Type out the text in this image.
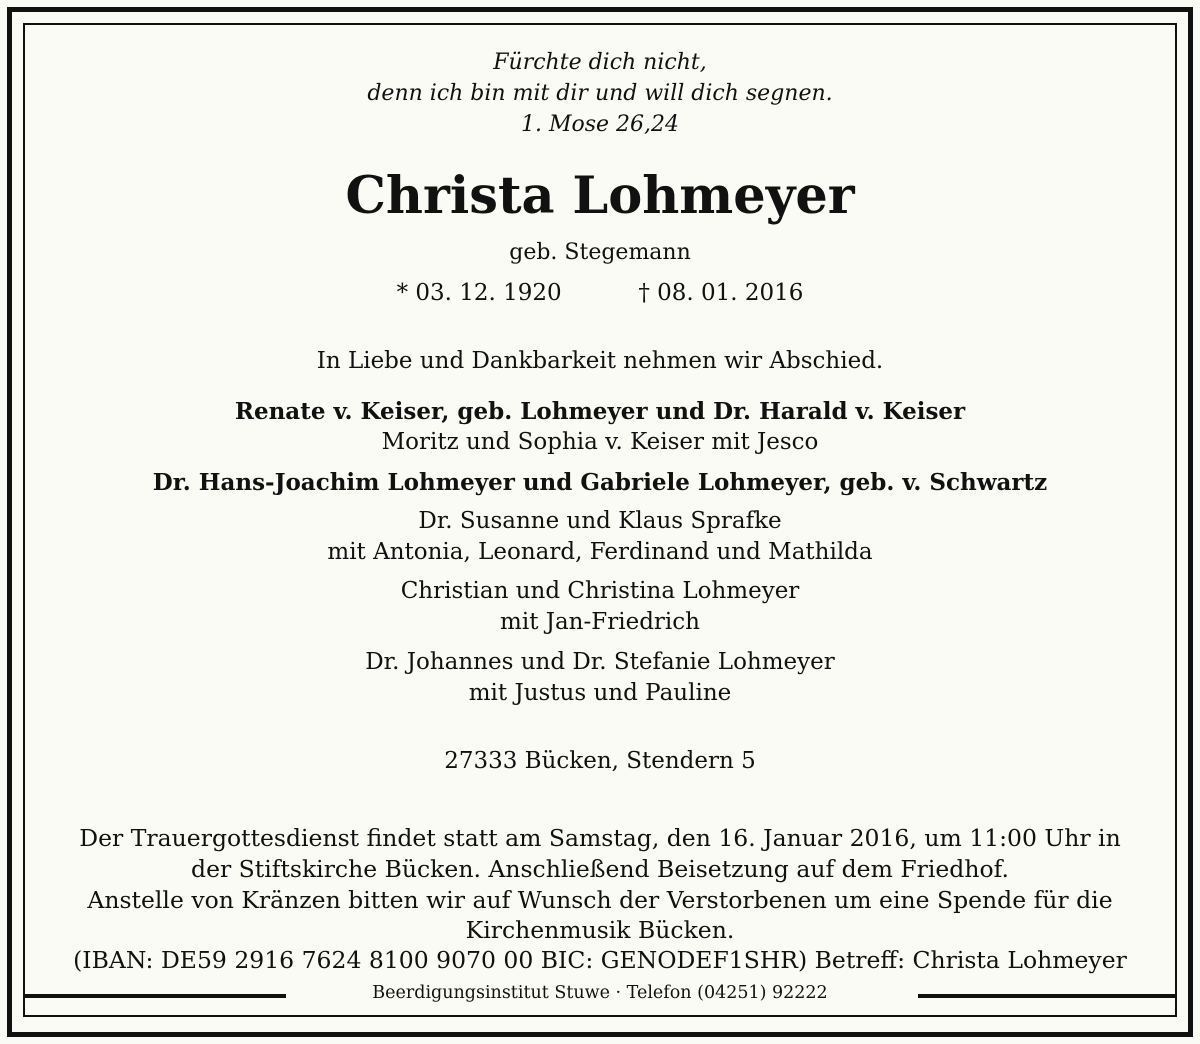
Fürchte dich nicht,
denn ich bin mit dir und will dich segnen.
1. Mose 26,24
Christa Lohmeyer
geb. Stegemann
* 03. 12. 1920	† 08. 01. 2016
In Liebe und Dankbarkeit nehmen wir Abschied.
Renate v. Keiser, geb. Lohmeyer und Dr. Harald v. Keiser
Moritz und Sophia v. Keiser mit Jesco
Dr. Hans-Joachim Lohmeyer und Gabriele Lohmeyer, geb. v. Schwartz
Dr. Susanne und Klaus Sprafke
mit Antonia, Leonard, Ferdinand und Mathilda
Christian und Christina Lohmeyer
mit Jan-Friedrich
Dr. Johannes und Dr. Stefanie Lohmeyer
mit Justus und Pauline
27333 Bücken, Stendern 5
Der Trauergottesdienst findet statt am Samstag, den 16. Januar 2016, um 11:00 Uhr in
der Stiftskirche Bücken. Anschließend Beisetzung auf dem Friedhof.
Anstelle von Kränzen bitten wir auf Wunsch der Verstorbenen um eine Spende für die
Kirchenmusik Bücken.
(IBAN: DE59 2916 7624 8100 9070 00 BIC: GENODEF1SHR) Betreff: Christa Lohmeyer
Beerdigungsinstitut Stuwe · Telefon (04251) 92222
